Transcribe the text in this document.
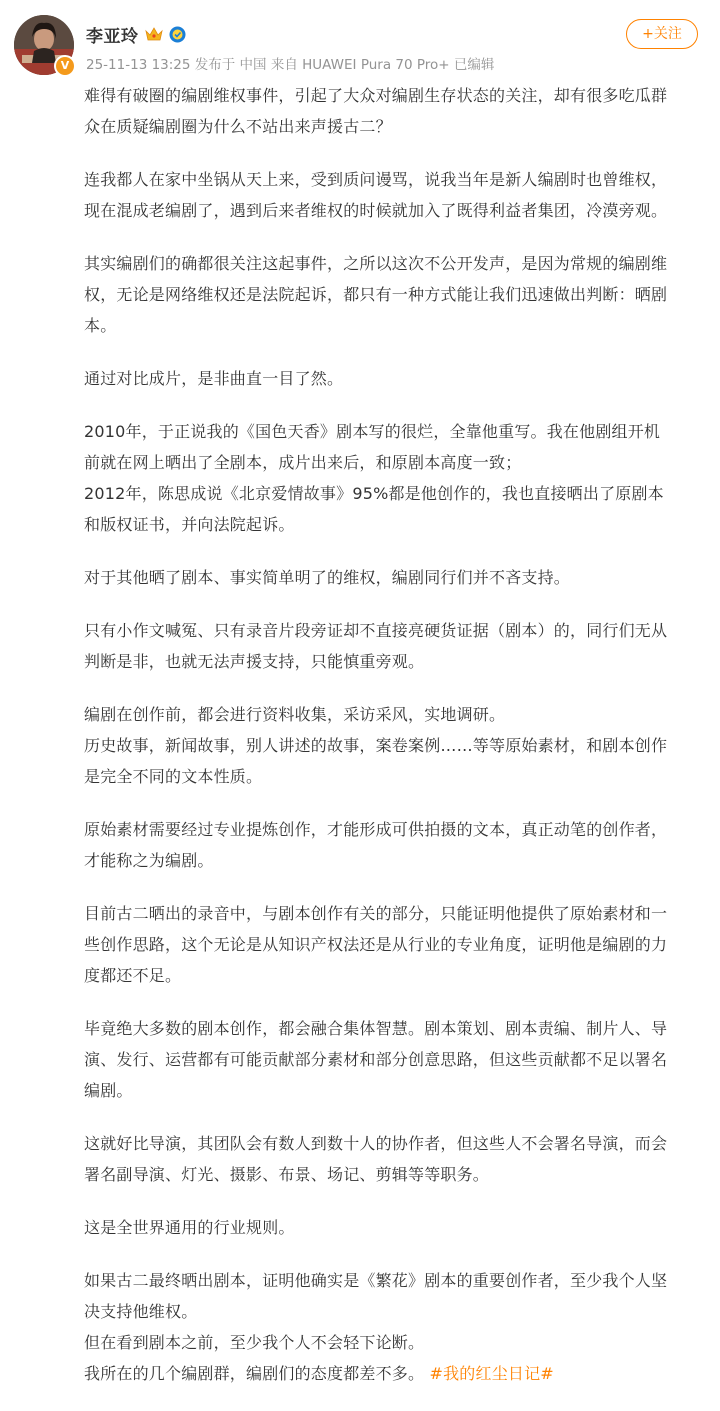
V
李亚玲
25-11-13 13:25 发布于 中国 来自 HUAWEI Pura 70 Pro+ 已编辑
+关注

难得有破圈的编剧维权事件，引起了大众对编剧生存状态的关注，却有很多吃瓜群
众在质疑编剧圈为什么不站出来声援古二？

连我都人在家中坐锅从天上来，受到质问谩骂，说我当年是新人编剧时也曾维权，
现在混成老编剧了，遇到后来者维权的时候就加入了既得利益者集团，冷漠旁观。

其实编剧们的确都很关注这起事件，之所以这次不公开发声，是因为常规的编剧维
权，无论是网络维权还是法院起诉，都只有一种方式能让我们迅速做出判断：晒剧
本。

通过对比成片，是非曲直一目了然。

2010年，于正说我的《国色天香》剧本写的很烂，全靠他重写。我在他剧组开机
前就在网上晒出了全剧本，成片出来后，和原剧本高度一致；
2012年，陈思成说《北京爱情故事》95%都是他创作的，我也直接晒出了原剧本
和版权证书，并向法院起诉。

对于其他晒了剧本、事实简单明了的维权，编剧同行们并不吝支持。

只有小作文喊冤、只有录音片段旁证却不直接亮硬货证据（剧本）的，同行们无从
判断是非，也就无法声援支持，只能慎重旁观。

编剧在创作前，都会进行资料收集，采访采风，实地调研。
历史故事，新闻故事，别人讲述的故事，案卷案例……等等原始素材，和剧本创作
是完全不同的文本性质。

原始素材需要经过专业提炼创作，才能形成可供拍摄的文本，真正动笔的创作者，
才能称之为编剧。

目前古二晒出的录音中，与剧本创作有关的部分，只能证明他提供了原始素材和一
些创作思路，这个无论是从知识产权法还是从行业的专业角度，证明他是编剧的力
度都还不足。

毕竟绝大多数的剧本创作，都会融合集体智慧。剧本策划、剧本责编、制片人、导
演、发行、运营都有可能贡献部分素材和部分创意思路，但这些贡献都不足以署名
编剧。

这就好比导演，其团队会有数人到数十人的协作者，但这些人不会署名导演，而会
署名副导演、灯光、摄影、布景、场记、剪辑等等职务。

这是全世界通用的行业规则。

如果古二最终晒出剧本，证明他确实是《繁花》剧本的重要创作者，至少我个人坚
决支持他维权。
但在看到剧本之前，至少我个人不会轻下论断。
我所在的几个编剧群，编剧们的态度都差不多。 #我的红尘日记#
